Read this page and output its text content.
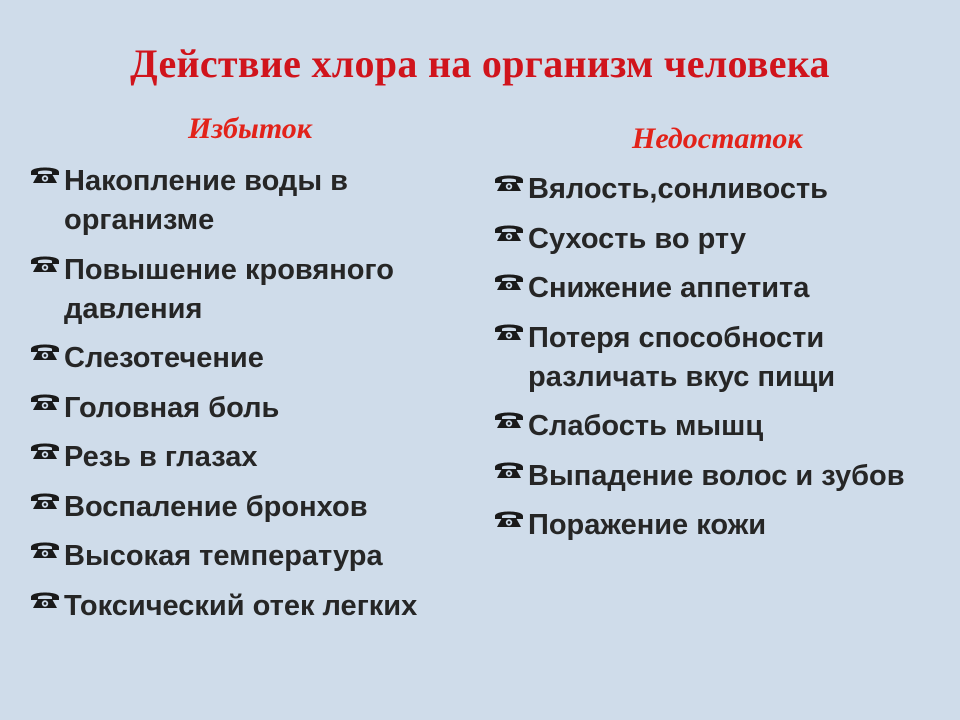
Действие хлора на организм человека
Избыток	Недостаток
Накопление воды в организме
Повышение кровяного давления
Слезотечение
Головная боль
Резь в глазах
Воспаление бронхов
Высокая температура
Токсический отек легких
Вялость,сонливость
Сухость во рту
Снижение аппетита
Потеря способности различать вкус пищи
Слабость мышц
Выпадение волос и зубов
Поражение кожи
